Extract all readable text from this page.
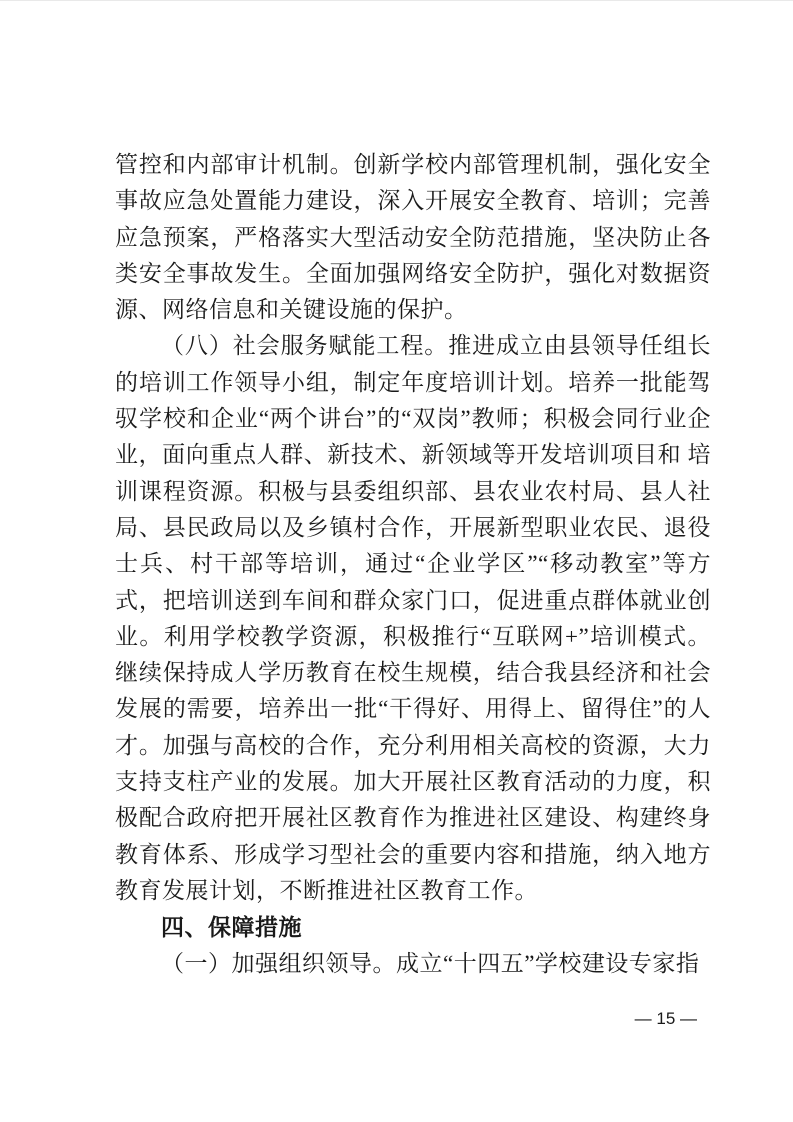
管控和内部审计机制。创新学校内部管理机制，强化安全事故应急处置能力建设，深入开展安全教育、培训；完善应急预案，严格落实大型活动安全防范措施，坚决防止各类安全事故发生。全面加强网络安全防护，强化对数据资源、网络信息和关键设施的保护。

（八）社会服务赋能工程。推进成立由县领导任组长的培训工作领导小组，制定年度培训计划。培养一批能驾驭学校和企业“两个讲台”的“双岗”教师；积极会同行业企业，面向重点人群、新技术、新领域等开发培训项目和 培训课程资源。积极与县委组织部、县农业农村局、县人社局、县民政局以及乡镇村合作，开展新型职业农民、退役士兵、村干部等培训，通过“企业学区”“移动教室”等方式，把培训送到车间和群众家门口，促进重点群体就业创业。利用学校教学资源，积极推行“互联网+”培训模式。继续保持成人学历教育在校生规模，结合我县经济和社会发展的需要，培养出一批“干得好、用得上、留得住”的人才。加强与高校的合作，充分利用相关高校的资源，大力支持支柱产业的发展。加大开展社区教育活动的力度，积极配合政府把开展社区教育作为推进社区建设、构建终身教育体系、形成学习型社会的重要内容和措施，纳入地方教育发展计划，不断推进社区教育工作。

四、保障措施

（一）加强组织领导。成立“十四五”学校建设专家指

— 15 —
